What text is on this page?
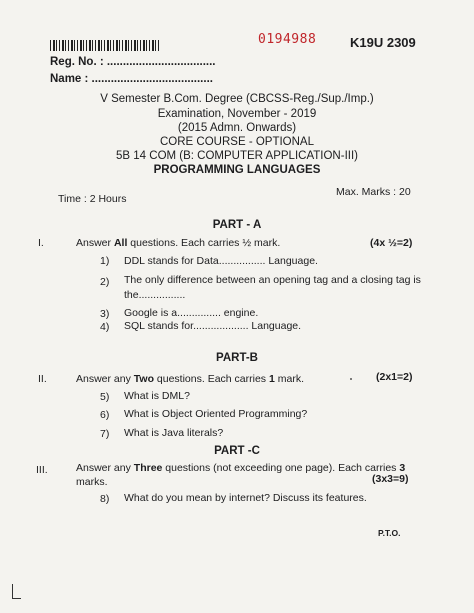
0194988	K19U 2309
Reg. No. : ..................................
Name : ......................................
V Semester B.Com. Degree (CBCSS-Reg./Sup./Imp.)
Examination, November - 2019
(2015 Admn. Onwards)
CORE COURSE - OPTIONAL
5B 14 COM (B: COMPUTER APPLICATION-III)
PROGRAMMING LANGUAGES
Time : 2 Hours
Max. Marks : 20
PART - A
I.	Answer All questions. Each carries ½ mark.	(4x ½=2)
1) DDL stands for Data................ Language.
2) The only difference between an opening tag and a closing tag is
the................
3) Google is a............... engine.
4) SQL stands for................... Language.
PART-B
II.	Answer any Two questions. Each carries 1 mark.	(2x1=2)
5) What is DML?
6) What is Object Oriented Programming?
7) What is Java literals?
PART -C
III.	Answer any Three questions (not exceeding one page). Each carries 3
marks.	(3x3=9)
8) What do you mean by internet? Discuss its features.
P.T.O.
